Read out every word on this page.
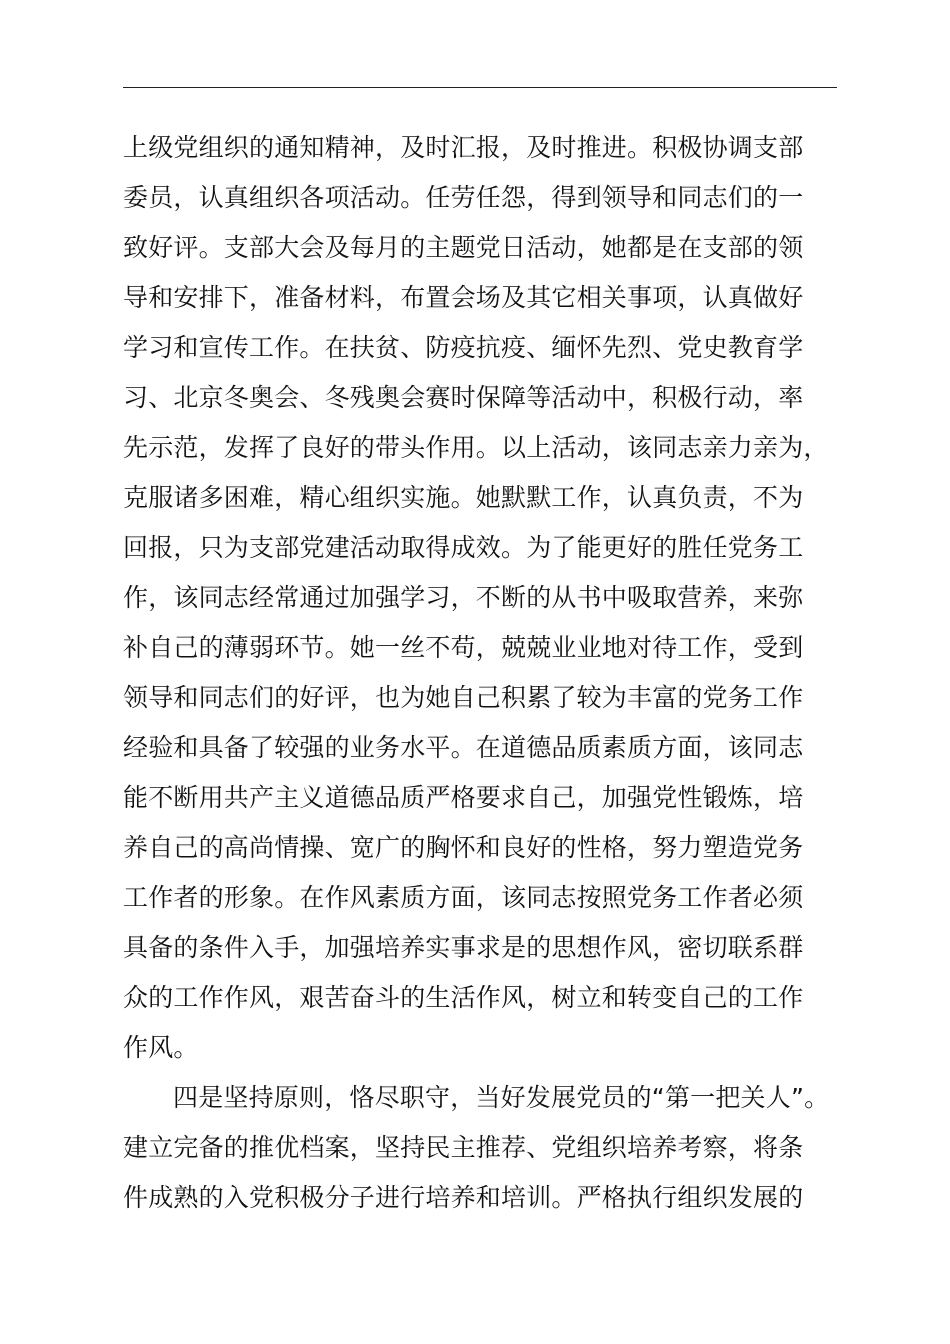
上级党组织的通知精神，及时汇报，及时推进。积极协调支部
委员，认真组织各项活动。任劳任怨，得到领导和同志们的一
致好评。支部大会及每月的主题党日活动，她都是在支部的领
导和安排下，准备材料，布置会场及其它相关事项，认真做好
学习和宣传工作。在扶贫、防疫抗疫、缅怀先烈、党史教育学
习、北京冬奥会、冬残奥会赛时保障等活动中，积极行动，率
先示范，发挥了良好的带头作用。以上活动，该同志亲力亲为，
克服诸多困难，精心组织实施。她默默工作，认真负责，不为
回报，只为支部党建活动取得成效。为了能更好的胜任党务工
作，该同志经常通过加强学习，不断的从书中吸取营养，来弥
补自己的薄弱环节。她一丝不苟，兢兢业业地对待工作，受到
领导和同志们的好评，也为她自己积累了较为丰富的党务工作
经验和具备了较强的业务水平。在道德品质素质方面，该同志
能不断用共产主义道德品质严格要求自己，加强党性锻炼，培
养自己的高尚情操、宽广的胸怀和良好的性格，努力塑造党务
工作者的形象。在作风素质方面，该同志按照党务工作者必须
具备的条件入手，加强培养实事求是的思想作风，密切联系群
众的工作作风，艰苦奋斗的生活作风，树立和转变自己的工作
作风。
四是坚持原则，恪尽职守，当好发展党员的“第一把关人”。
建立完备的推优档案，坚持民主推荐、党组织培养考察，将条
件成熟的入党积极分子进行培养和培训。严格执行组织发展的
